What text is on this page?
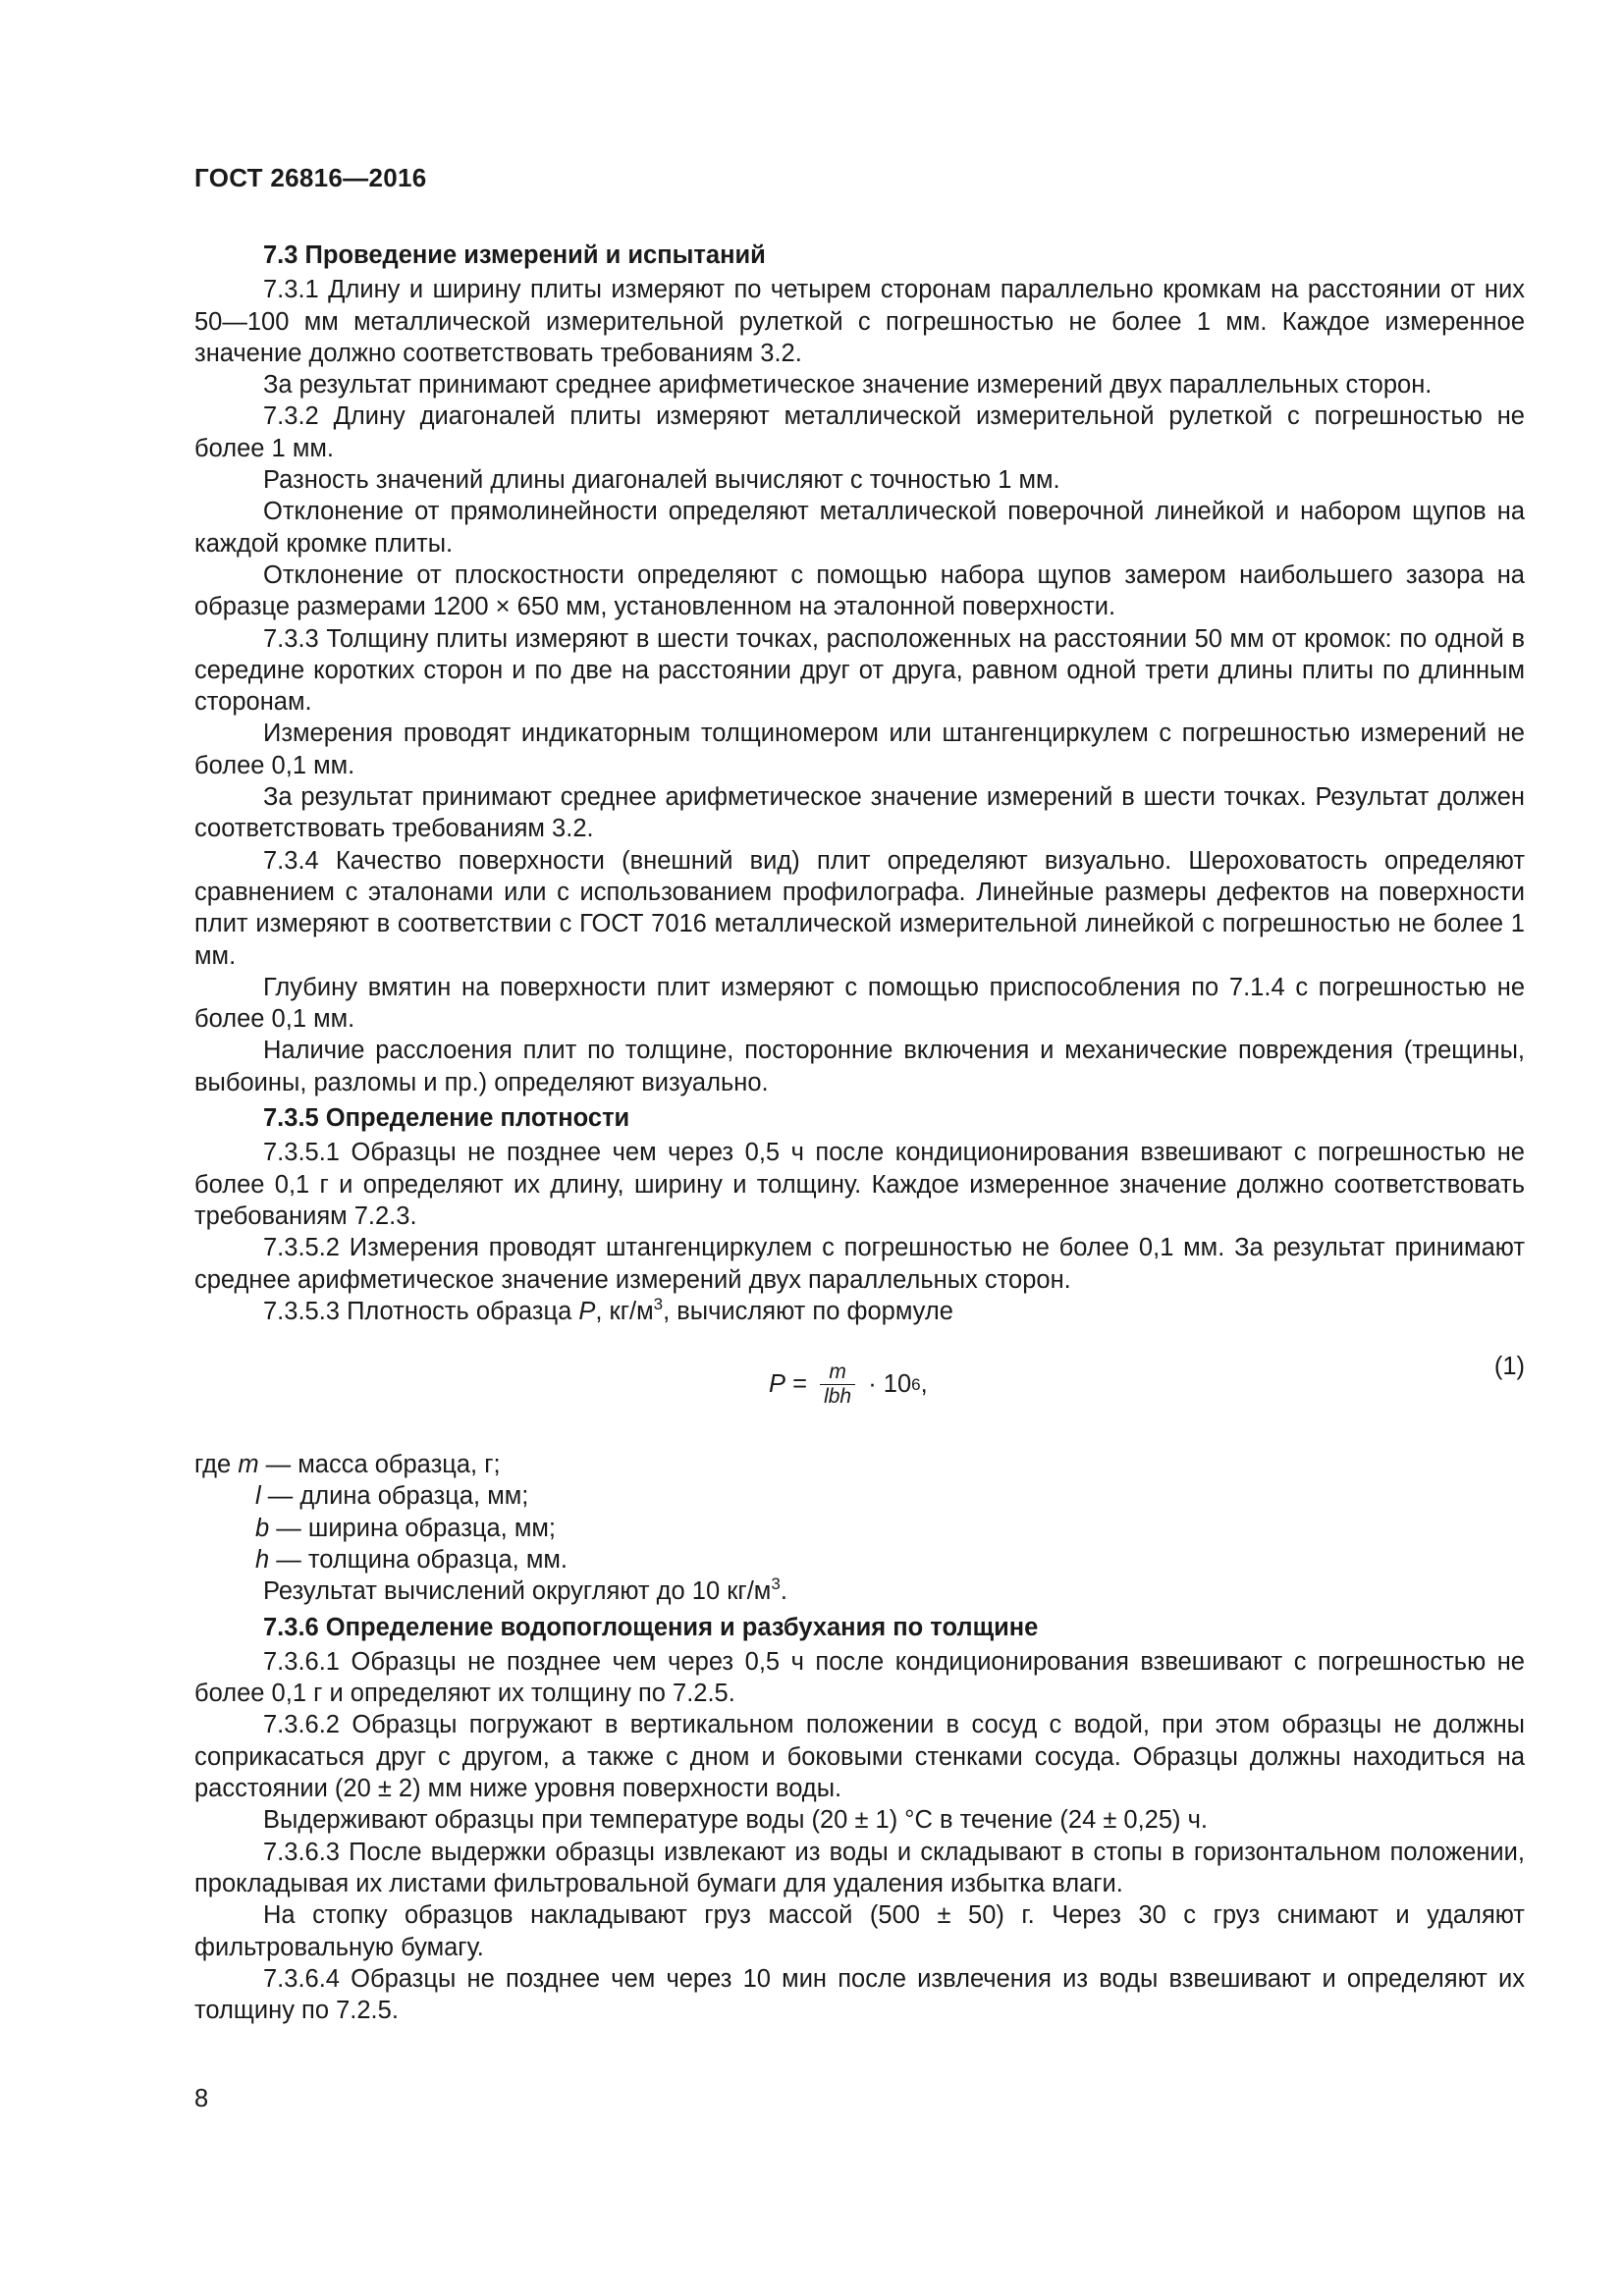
ГОСТ 26816—2016

7.3 Проведение измерений и испытаний

7.3.1 Длину и ширину плиты измеряют по четырем сторонам параллельно кромкам на расстоянии от них 50—100 мм металлической измерительной рулеткой с погрешностью не более 1 мм. Каждое измеренное значение должно соответствовать требованиям 3.2.

За результат принимают среднее арифметическое значение измерений двух параллельных сторон.

7.3.2 Длину диагоналей плиты измеряют металлической измерительной рулеткой с погрешностью не более 1 мм.

Разность значений длины диагоналей вычисляют с точностью 1 мм.

Отклонение от прямолинейности определяют металлической поверочной линейкой и набором щупов на каждой кромке плиты.

Отклонение от плоскостности определяют с помощью набора щупов замером наибольшего зазора на образце размерами 1200 × 650 мм, установленном на эталонной поверхности.

7.3.3 Толщину плиты измеряют в шести точках, расположенных на расстоянии 50 мм от кромок: по одной в середине коротких сторон и по две на расстоянии друг от друга, равном одной трети длины плиты по длинным сторонам.

Измерения проводят индикаторным толщиномером или штангенциркулем с погрешностью измерений не более 0,1 мм.

За результат принимают среднее арифметическое значение измерений в шести точках. Результат должен соответствовать требованиям 3.2.

7.3.4 Качество поверхности (внешний вид) плит определяют визуально. Шероховатость определяют сравнением с эталонами или с использованием профилографа. Линейные размеры дефектов на поверхности плит измеряют в соответствии с ГОСТ 7016 металлической измерительной линейкой с погрешностью не более 1 мм.

Глубину вмятин на поверхности плит измеряют с помощью приспособления по 7.1.4 с погрешностью не более 0,1 мм.

Наличие расслоения плит по толщине, посторонние включения и механические повреждения (трещины, выбоины, разломы и пр.) определяют визуально.

7.3.5 Определение плотности

7.3.5.1 Образцы не позднее чем через 0,5 ч после кондиционирования взвешивают с погрешностью не более 0,1 г и определяют их длину, ширину и толщину. Каждое измеренное значение должно соответствовать требованиям 7.2.3.

7.3.5.2 Измерения проводят штангенциркулем с погрешностью не более 0,1 мм. За результат принимают среднее арифметическое значение измерений двух параллельных сторон.

7.3.5.3 Плотность образца P, $кг/м^3$, вычисляют по формуле

$P = \frac{m}{\text{lbh}} \cdot 10$ 6 ,
(1)
где m — масса образца, г;
l — длина образца, мм;
b — ширина образца, мм;
h — толщина образца, мм.

Результат вычислений округляют до 10 $кг/м^3$.

7.3.6 Определение водопоглощения и разбухания по толщине

7.3.6.1 Образцы не позднее чем через 0,5 ч после кондиционирования взвешивают с погрешностью не более 0,1 г и определяют их толщину по 7.2.5.

7.3.6.2 Образцы погружают в вертикальном положении в сосуд с водой, при этом образцы не должны соприкасаться друг с другом, а также с дном и боковыми стенками сосуда. Образцы должны находиться на расстоянии (20 ± 2) мм ниже уровня поверхности воды.

Выдерживают образцы при температуре воды (20 ± 1) °С в течение (24 ± 0,25) ч.

7.3.6.3 После выдержки образцы извлекают из воды и складывают в стопы в горизонтальном положении, прокладывая их листами фильтровальной бумаги для удаления избытка влаги.

На стопку образцов накладывают груз массой (500 ± 50) г. Через 30 с груз снимают и удаляют фильтровальную бумагу.

7.3.6.4 Образцы не позднее чем через 10 мин после извлечения из воды взвешивают и определяют их толщину по 7.2.5.

8
